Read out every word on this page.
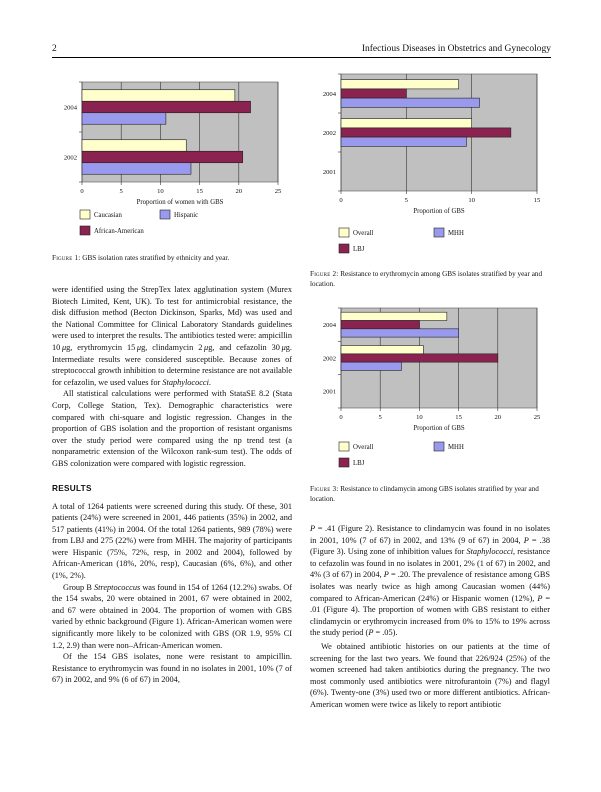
2	Infectious Diseases in Obstetrics and Gynecology
0	5	10	15	20	25
2004
2002
Proportion of women with GBS
Caucasian	Hispanic
African-American
Figure 1: GBS isolation rates stratified by ethnicity and year.
0	5	10	15
2004
2002
2001
Proportion of GBS
Overall	MHH
LBJ
Figure 2: Resistance to erythromycin among GBS isolates stratified by year and location.
0	5	10	15	20	25
2004
2002
2001
Proportion of GBS
Overall	MHH
LBJ
Figure 3: Resistance to clindamycin among GBS isolates stratified by year and location.

were identified using the StrepTex latex agglutination system (Murex Biotech Limited, Kent, UK). To test for antimicrobial resistance, the disk diffusion method (Becton Dickinson, Sparks, Md) was used and the National Committee for Clinical Laboratory Standards guidelines were used to interpret the results. The antibiotics tested were: ampicillin 10 μg, erythromycin 15 μg, clindamycin 2 μg, and cefazolin 30 μg. Intermediate results were considered susceptible. Because zones of streptococcal growth inhibition to determine resistance are not available for cefazolin, we used values for Staphylococci.

All statistical calculations were performed with StataSE 8.2 (Stata Corp, College Station, Tex). Demographic characteristics were compared with chi-square and logistic regression. Changes in the proportion of GBS isolation and the proportion of resistant organisms over the study period were compared using the np trend test (a nonparametric extension of the Wilcoxon rank-sum test). The odds of GBS colonization were compared with logistic regression.

RESULTS

A total of 1264 patients were screened during this study. Of these, 301 patients (24%) were screened in 2001, 446 patients (35%) in 2002, and 517 patients (41%) in 2004. Of the total 1264 patients, 989 (78%) were from LBJ and 275 (22%) were from MHH. The majority of participants were Hispanic (75%, 72%, resp, in 2002 and 2004), followed by African-American (18%, 20%, resp), Caucasian (6%, 6%), and other (1%, 2%).

Group B Streptococcus was found in 154 of 1264 (12.2%) swabs. Of the 154 swabs, 20 were obtained in 2001, 67 were obtained in 2002, and 67 were obtained in 2004. The proportion of women with GBS varied by ethnic background (Figure 1). African-American women were significantly more likely to be colonized with GBS (OR 1.9, 95% CI 1.2, 2.9) than were non–African-American women.

Of the 154 GBS isolates, none were resistant to ampicillin. Resistance to erythromycin was found in no isolates in 2001, 10% (7 of 67) in 2002, and 9% (6 of 67) in 2004,

P = .41 (Figure 2). Resistance to clindamycin was found in no isolates in 2001, 10% (7 of 67) in 2002, and 13% (9 of 67) in 2004, P = .38 (Figure 3). Using zone of inhibition values for Staphylococci, resistance to cefazolin was found in no isolates in 2001, 2% (1 of 67) in 2002, and 4% (3 of 67) in 2004, P = .20. The prevalence of resistance among GBS isolates was nearly twice as high among Caucasian women (44%) compared to African-American (24%) or Hispanic women (12%), P = .01 (Figure 4). The proportion of women with GBS resistant to either clindamycin or erythromycin increased from 0% to 15% to 19% across the study period (P = .05).

We obtained antibiotic histories on our patients at the time of screening for the last two years. We found that 226/924 (25%) of the women screened had taken antibiotics during the pregnancy. The two most commonly used antibiotics were nitrofurantoin (7%) and flagyl (6%). Twenty-one (3%) used two or more different antibiotics. African-American women were twice as likely to report antibiotic
